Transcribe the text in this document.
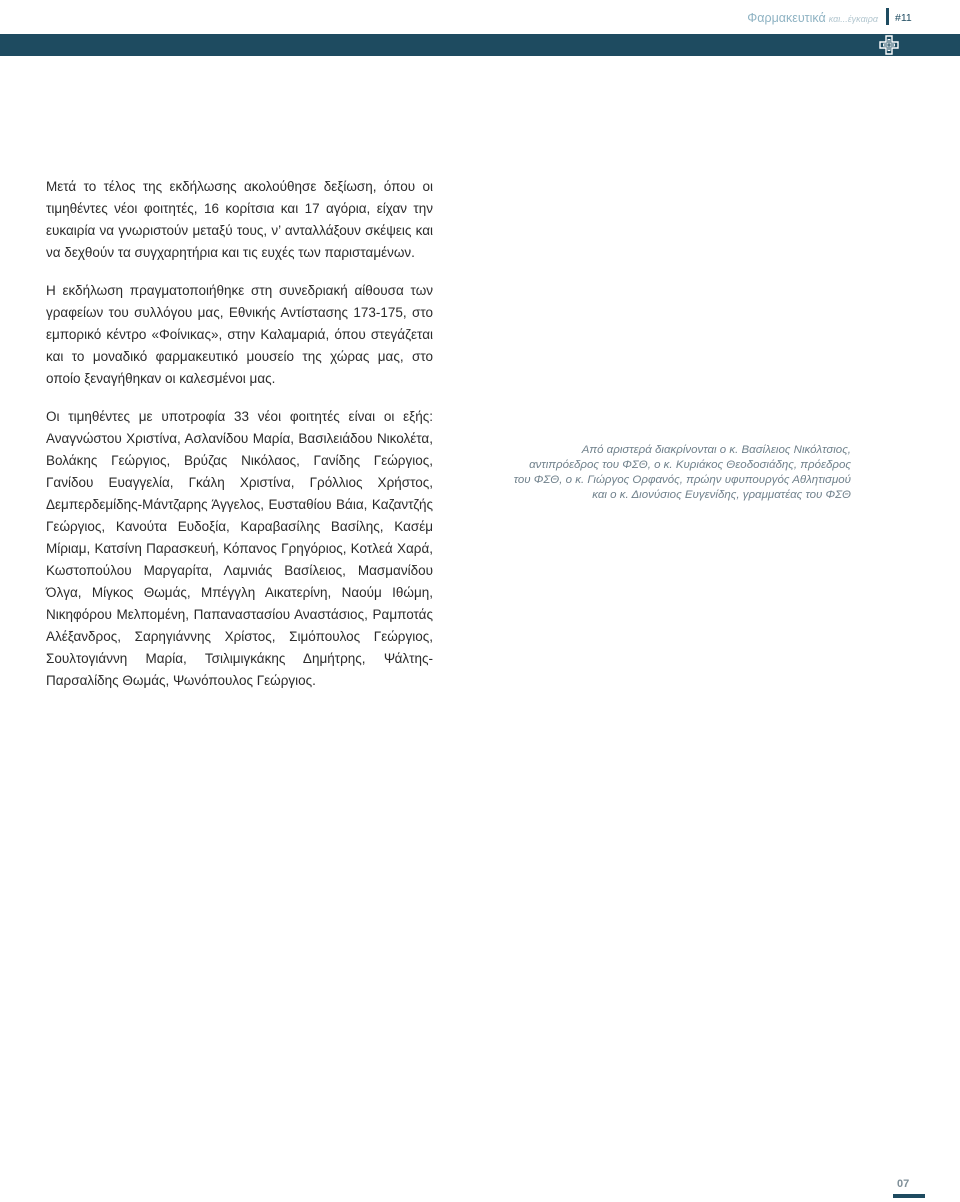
Φαρμακευτικά και...έγκαιρα #11

Μετά το τέλος της εκδήλωσης ακολούθησε δεξίωση, όπου οι τιμηθέντες νέοι φοιτητές, 16 κορίτσια και 17 αγόρια, είχαν την ευκαιρία να γνωριστούν μεταξύ τους, ν’ ανταλλάξουν σκέψεις και να δεχθούν τα συγχαρητήρια και τις ευχές των παρισταμένων.

Η εκδήλωση πραγματοποιήθηκε στη συνεδριακή αίθουσα των γραφείων του συλλόγου μας, Εθνικής Αντίστασης 173-175, στο εμπορικό κέντρο «Φοίνικας», στην Καλαμαριά, όπου στεγάζεται και το μοναδικό φαρμακευτικό μουσείο της χώρας μας, στο οποίο ξεναγήθηκαν οι καλεσμένοι μας.

Οι τιμηθέντες με υποτροφία 33 νέοι φοιτητές είναι οι εξής: Αναγνώστου Χριστίνα, Ασλανίδου Μαρία, Βασιλειάδου Νικολέτα, Βολάκης Γεώργιος, Βρύζας Νικόλαος, Γανίδης Γεώργιος, Γανίδου Ευαγγελία, Γκάλη Χριστίνα, Γρόλλιος Χρήστος, Δεμπερδεμίδης-Μάντζαρης Άγγελος, Ευσταθίου Βάια, Καζαντζής Γεώργιος, Κανούτα Ευδοξία, Καραβασίλης Βασίλης, Κασέμ Μίριαμ, Κατσίνη Παρασκευή, Κόπανος Γρηγόριος, Κοτλεά Χαρά, Κωστοπούλου Μαργαρίτα, Λαμνιάς Βασίλειος, Μασμανίδου Όλγα, Μίγκος Θωμάς, Μπέγγλη Αικατερίνη, Ναούμ Ιθώμη, Νικηφόρου Μελπομένη, Παπαναστασίου Αναστάσιος, Ραμποτάς Αλέξανδρος, Σαρηγιάννης Χρίστος, Σιμόπουλος Γεώργιος, Σουλτογιάννη Μαρία, Τσιλιμιγκάκης Δημήτρης, Ψάλτης-Παρσαλίδης Θωμάς, Ψωνόπουλος Γεώργιος.

Από αριστερά διακρίνονται ο κ. Βασίλειος Νικόλτσιος,
αντιπρόεδρος του ΦΣΘ, ο κ. Κυριάκος Θεοδοσιάδης, πρόεδρος
του ΦΣΘ, ο κ. Γιώργος Ορφανός, πρώην υφυπουργός Αθλητισμού
και ο κ. Διονύσιος Ευγενίδης, γραμματέας του ΦΣΘ
07
